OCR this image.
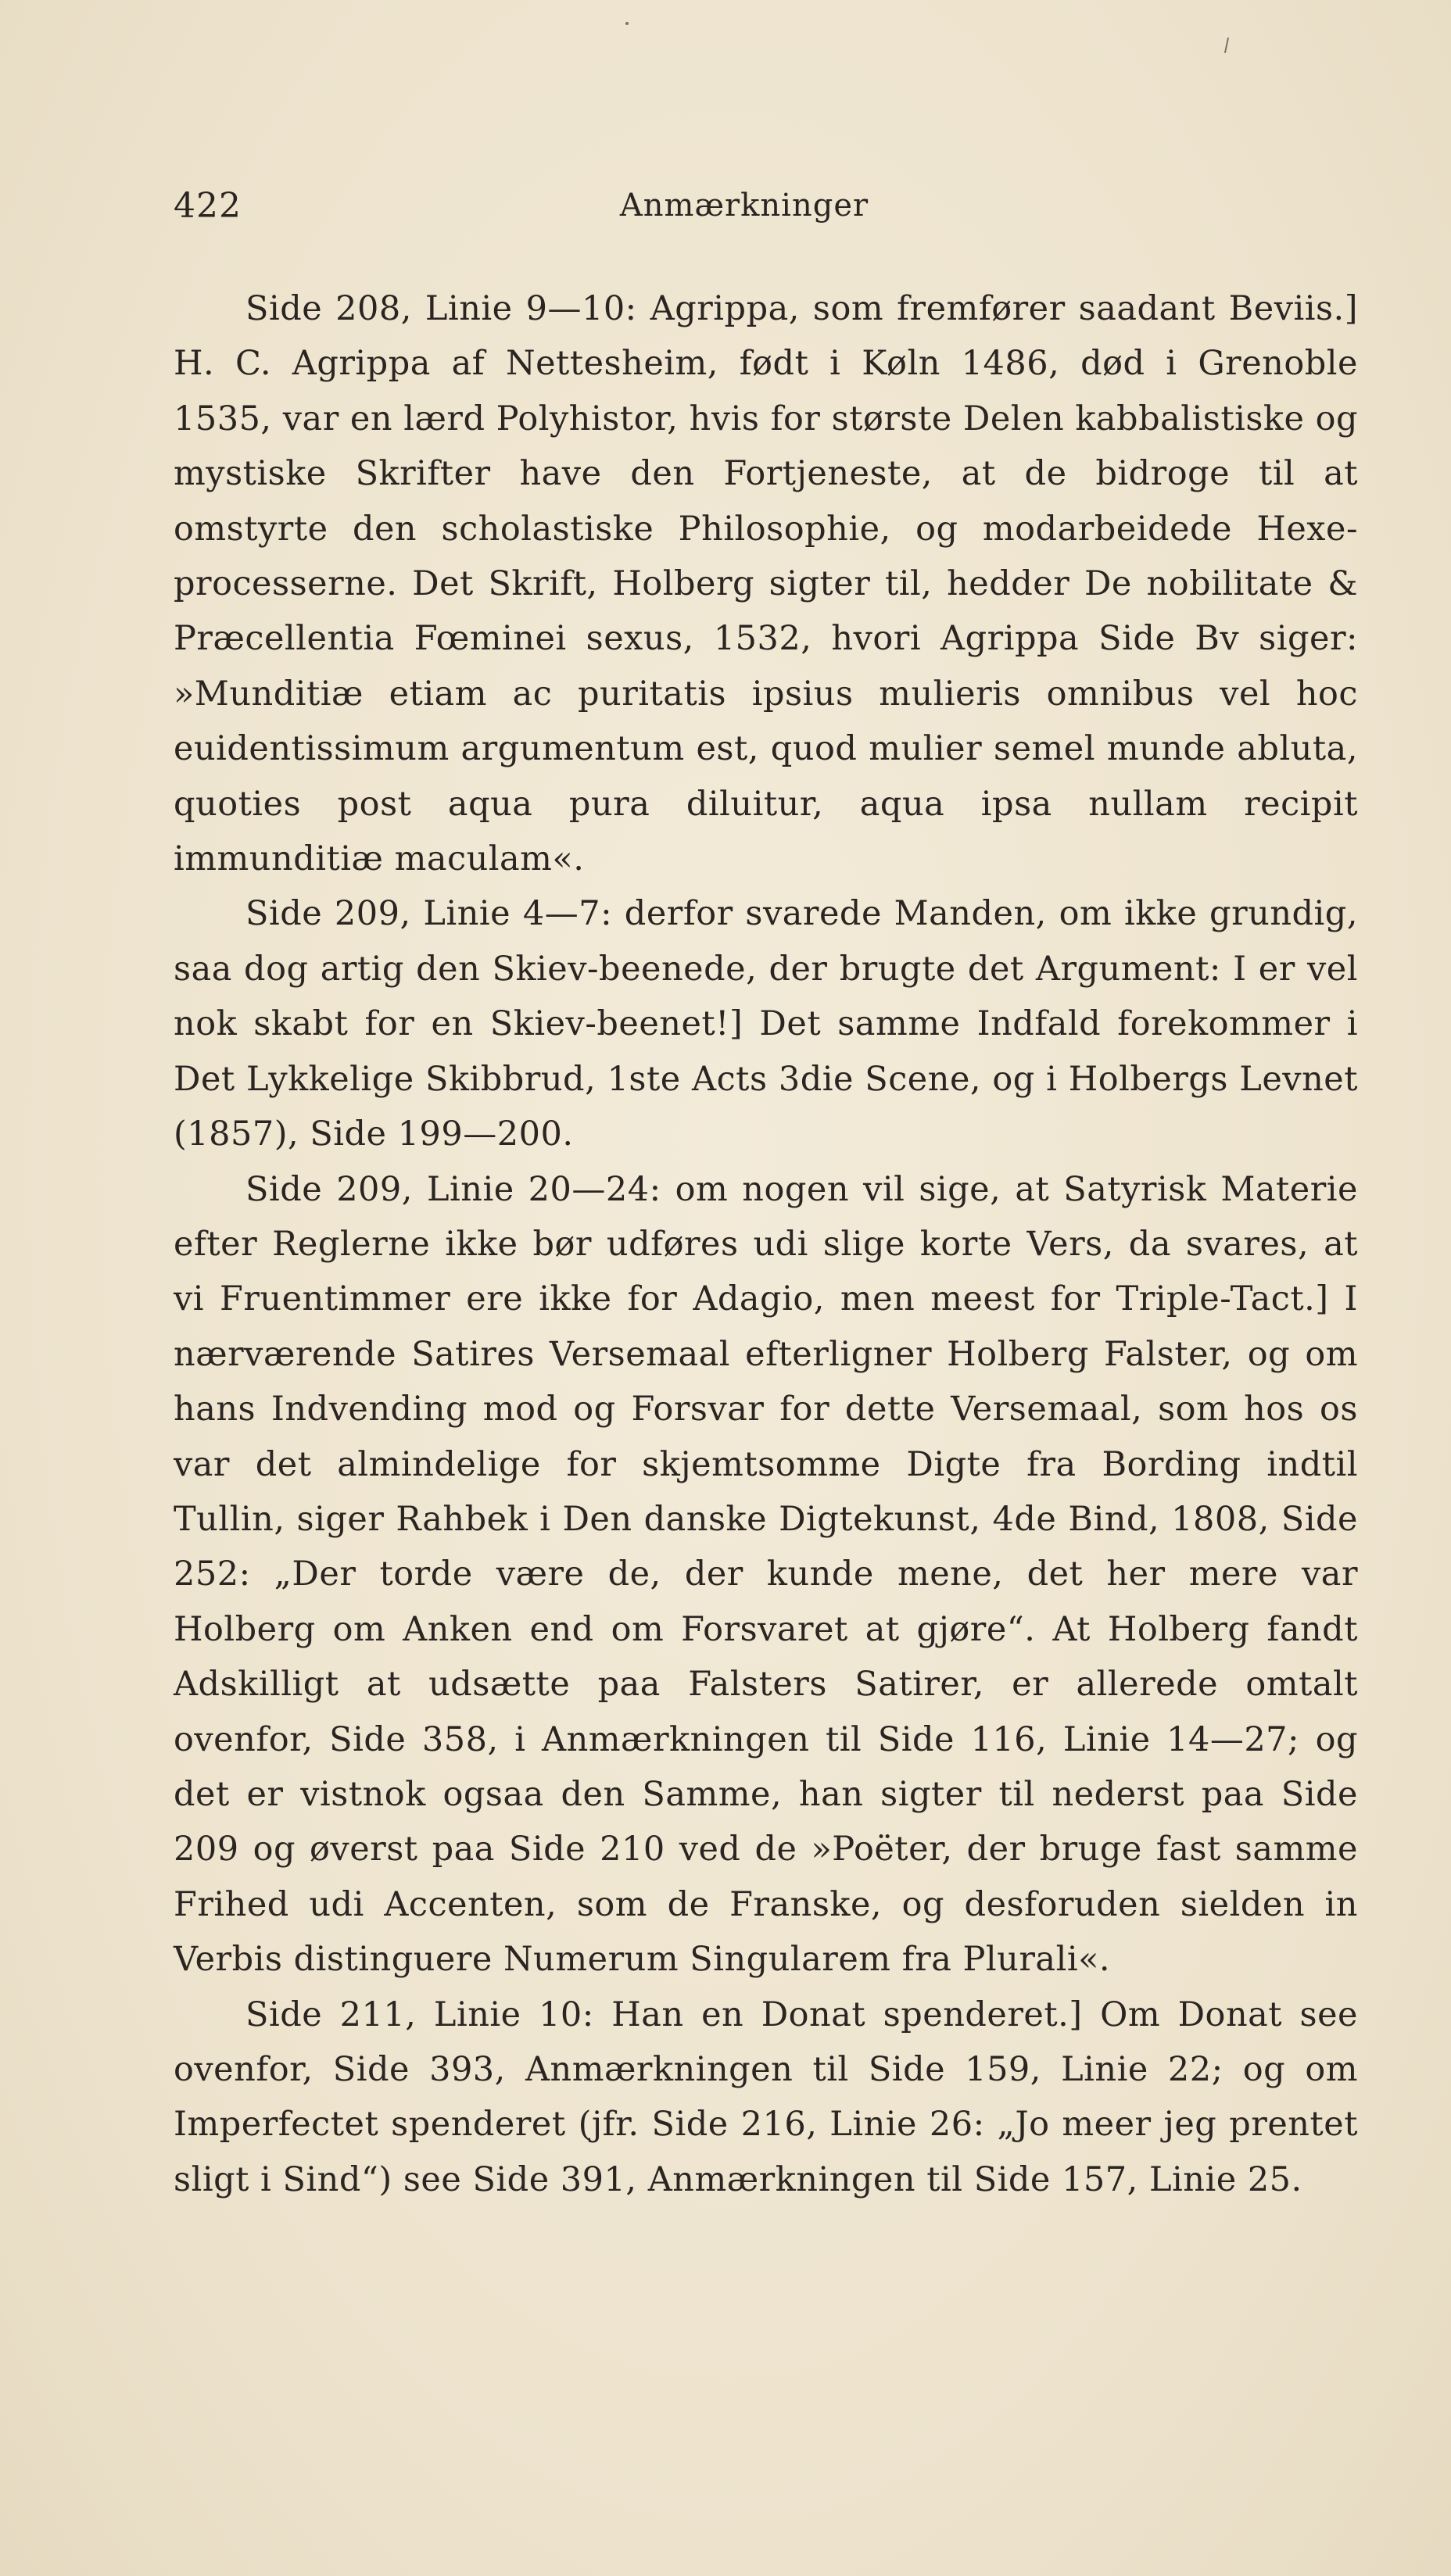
422	Anmærkninger

Side 208, Linie 9—10: Agrippa, som fremfører saadant Beviis.] H. C. Agrippa af Nettesheim, født i Køln 1486, død i Grenoble 1535, var en lærd Polyhistor, hvis for største Delen kabbalistiske og mystiske Skrifter have den Fortjeneste, at de bidroge til at omstyrte den scholastiske Philosophie, og modarbeidede Hexe-processerne. Det Skrift, Holberg sigter til, hedder De nobilitate & Præcellentia Fœminei sexus, 1532, hvori Agrippa Side Bv siger: »Munditiæ etiam ac puritatis ipsius mulieris omnibus vel hoc euidentissimum argumentum est, quod mulier semel munde abluta, quoties post aqua pura diluitur, aqua ipsa nullam recipit immunditiæ maculam«.

Side 209, Linie 4—7: derfor svarede Manden, om ikke grundig, saa dog artig den Skiev-beenede, der brugte det Argument: I er vel nok skabt for en Skiev-beenet!] Det samme Indfald forekommer i Det Lykkelige Skibbrud, 1ste Acts 3die Scene, og i Holbergs Levnet (1857), Side 199—200.

Side 209, Linie 20—24: om nogen vil sige, at Satyrisk Materie efter Reglerne ikke bør udføres udi slige korte Vers, da svares, at vi Fruentimmer ere ikke for Adagio, men meest for Triple-Tact.] I nærværende Satires Versemaal efterligner Holberg Falster, og om hans Indvending mod og Forsvar for dette Versemaal, som hos os var det almindelige for skjemtsomme Digte fra Bording indtil Tullin, siger Rahbek i Den danske Digtekunst, 4de Bind, 1808, Side 252: „Der torde være de, der kunde mene, det her mere var Holberg om Anken end om Forsvaret at gjøre“. At Holberg fandt Adskilligt at udsætte paa Falsters Satirer, er allerede omtalt ovenfor, Side 358, i Anmærkningen til Side 116, Linie 14—27; og det er vistnok ogsaa den Samme, han sigter til nederst paa Side 209 og øverst paa Side 210 ved de »Poëter, der bruge fast samme Frihed udi Accenten, som de Franske, og desforuden sielden in Verbis distinguere Numerum Singularem fra Plurali«.

Side 211, Linie 10: Han en Donat spenderet.] Om Donat see ovenfor, Side 393, Anmærkningen til Side 159, Linie 22; og om Imperfectet spenderet (jfr. Side 216, Linie 26: „Jo meer jeg prentet sligt i Sind“) see Side 391, Anmærkningen til Side 157, Linie 25.
